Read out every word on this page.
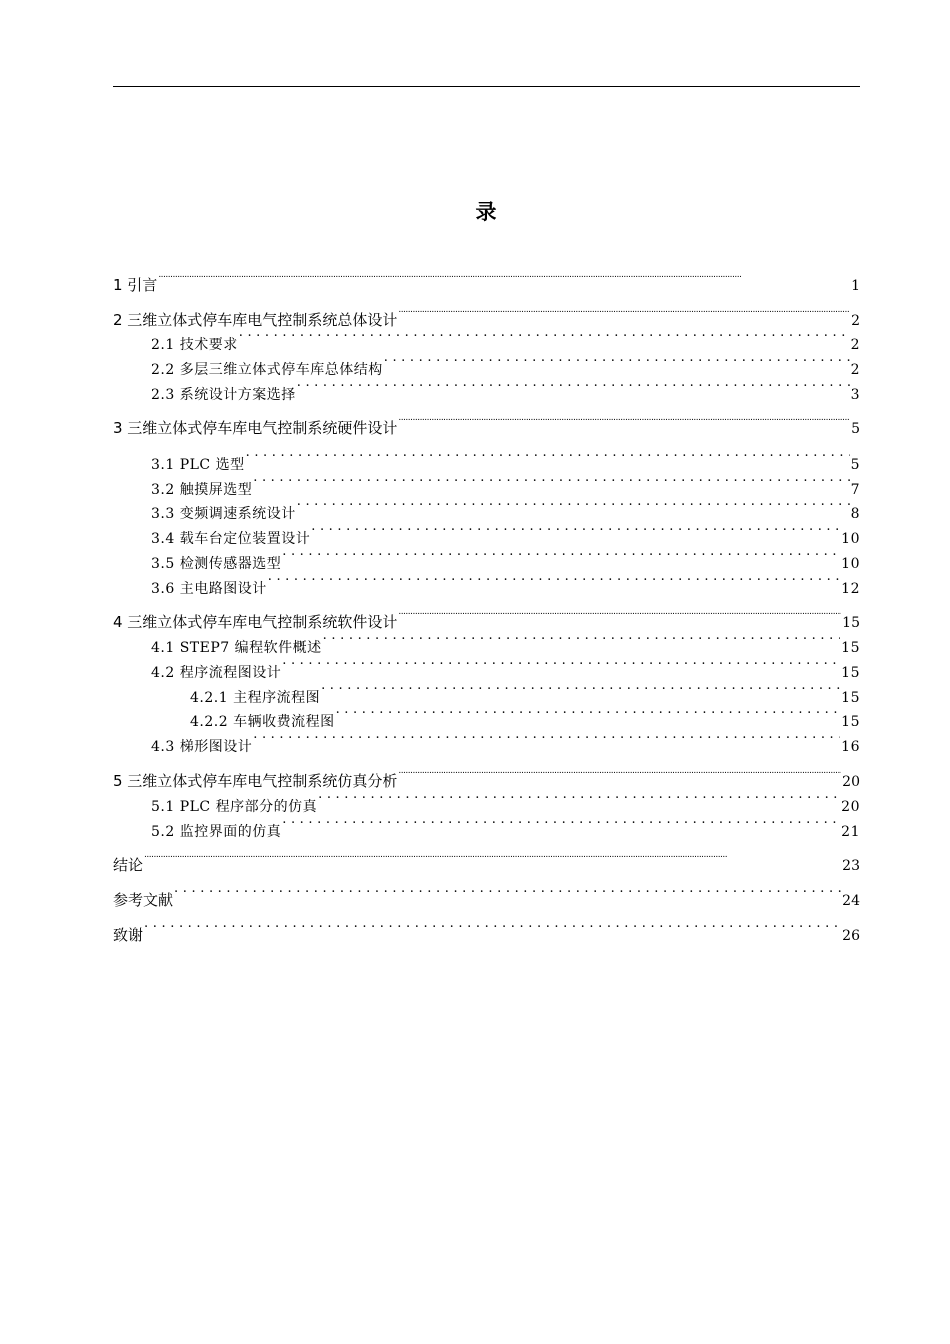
录
1 引言 .....	1
2 三维立体式停车库电气控制系统总体设计 .....	2
2.1 技术要求 .....	2
2.2 多层三维立体式停车库总体结构 .....	2
2.3 系统设计方案选择 .....	3
3 三维立体式停车库电气控制系统硬件设计 .....	5
3.1 PLC 选型 .....	5
3.2 触摸屏选型 .....	7
3.3 变频调速系统设计 .....	8
3.4 载车台定位装置设计 .....	10
3.5 检测传感器选型 .....	10
3.6 主电路图设计 .....	12
4 三维立体式停车库电气控制系统软件设计 .....	15
4.1 STEP7 编程软件概述 .....	15
4.2 程序流程图设计 .....	15
4.2.1 主程序流程图 .....	15
4.2.2 车辆收费流程图 .....	15
4.3 梯形图设计 .....	16
5 三维立体式停车库电气控制系统仿真分析 .....	20
5.1 PLC 程序部分的仿真 .....	20
5.2 监控界面的仿真 .....	21
结论 .....	23
参考文献 .....	24
致谢 .....	26
